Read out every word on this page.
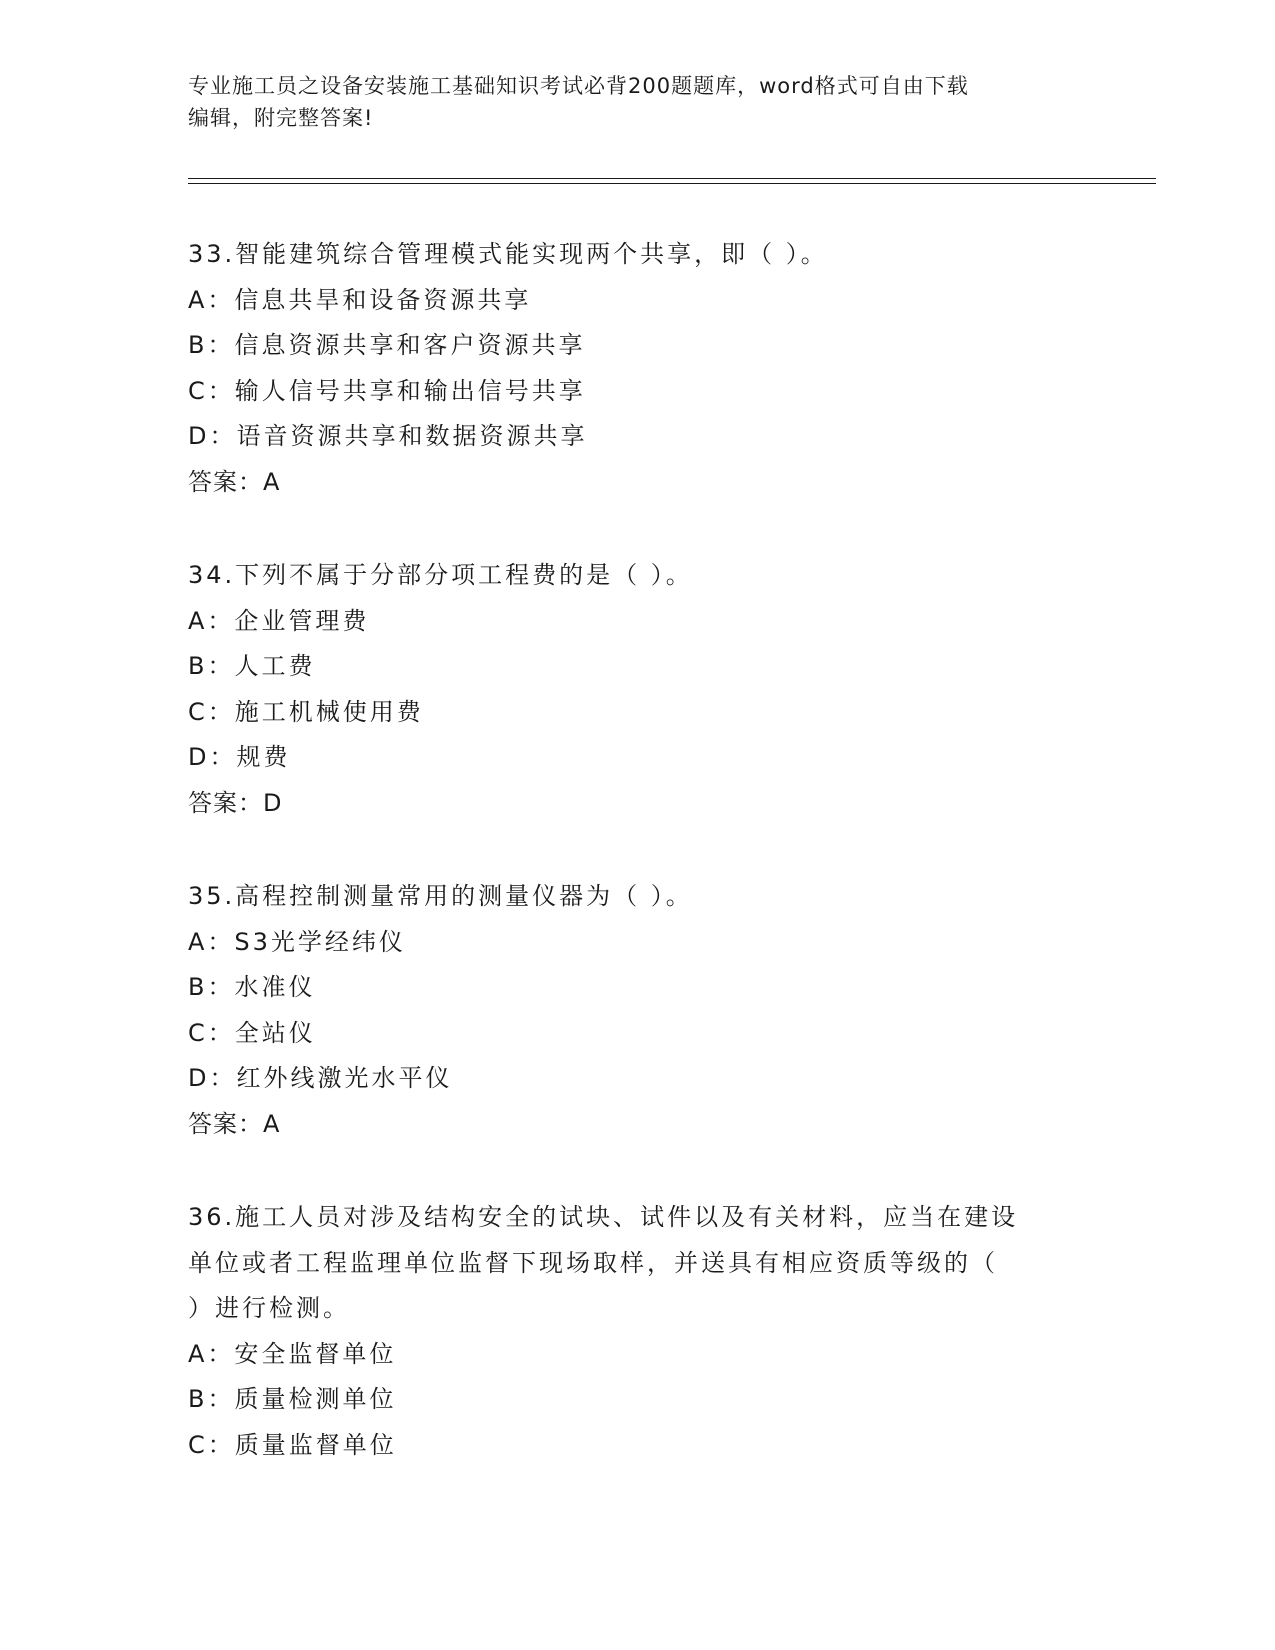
专业施工员之设备安装施工基础知识考试必背200题题库，word格式可自由下载
编辑，附完整答案!
33.智能建筑综合管理模式能实现两个共享，即（ ）。
A：信息共旱和设备资源共享
B：信息资源共享和客户资源共享
C：输人信号共享和输出信号共享
D：语音资源共享和数据资源共享
答案：A
34.下列不属于分部分项工程费的是（ ）。
A：企业管理费
B：人工费
C：施工机械使用费
D：规费
答案：D
35.高程控制测量常用的测量仪器为（ ）。
A：S3光学经纬仪
B：水准仪
C：全站仪
D：红外线激光水平仪
答案：A
36.施工人员对涉及结构安全的试块、试件以及有关材料，应当在建设
单位或者工程监理单位监督下现场取样，并送具有相应资质等级的（
）进行检测。
A：安全监督单位
B：质量检测单位
C：质量监督单位
